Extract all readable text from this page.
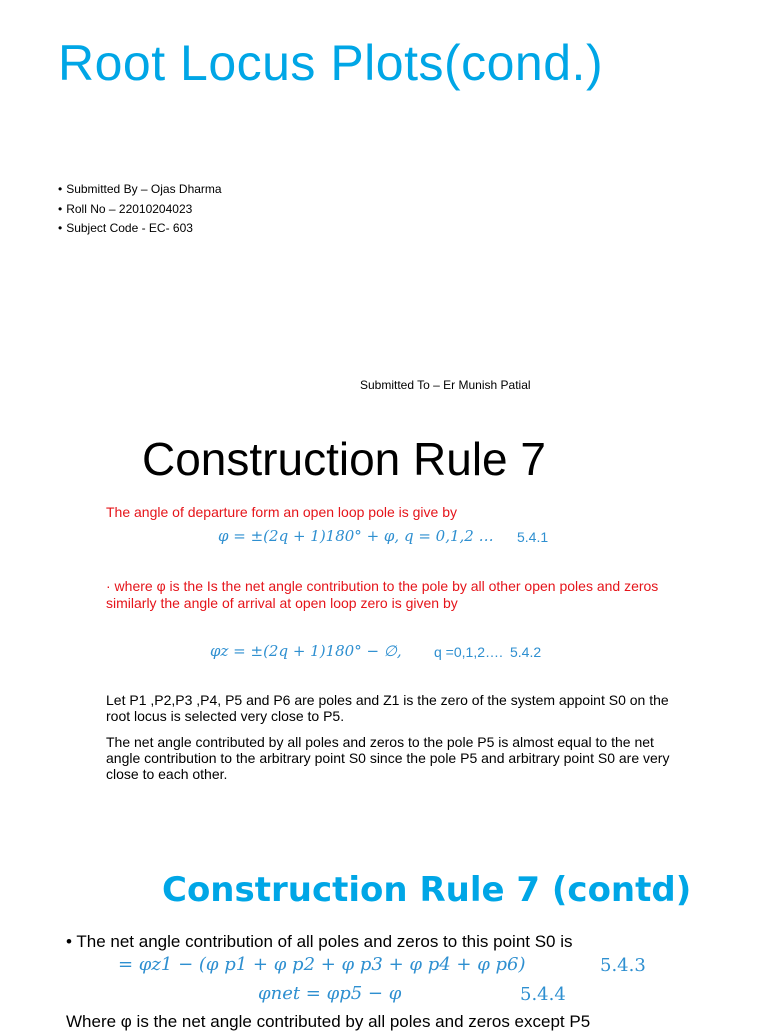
Root Locus Plots(cond.)
• Submitted By – Ojas Dharma
• Roll No – 22010204023
• Subject Code - EC- 603
Submitted To – Er Munish Patial
Construction Rule 7
The angle of departure form an open loop pole is give by
φ = ±(2q + 1)180° + φ, q = 0,1,2 … 5.4.1
· where φ is the Is the net angle contribution to the pole by all other open poles and zeros similarly the angle of arrival at open loop zero is given by
φz = ±(2q + 1)180° − ∅, q =0,1,2…. 5.4.2
Let P1 ,P2,P3 ,P4, P5 and P6 are poles and Z1 is the zero of the system appoint S0 on the root locus is selected very close to P5.
The net angle contributed by all poles and zeros to the pole P5 is almost equal to the net angle contribution to the arbitrary point S0 since the pole P5 and arbitrary point S0 are very close to each other.
Construction Rule 7 (contd)
• The net angle contribution of all poles and zeros to this point S0 is
= φz1 − (φ p1 + φ p2 + φ p3 + φ p4 + φ p6)	5.4.3
φnet = φp5 − φ	5.4.4
Where φ is the net angle contributed by all poles and zeros except P5
